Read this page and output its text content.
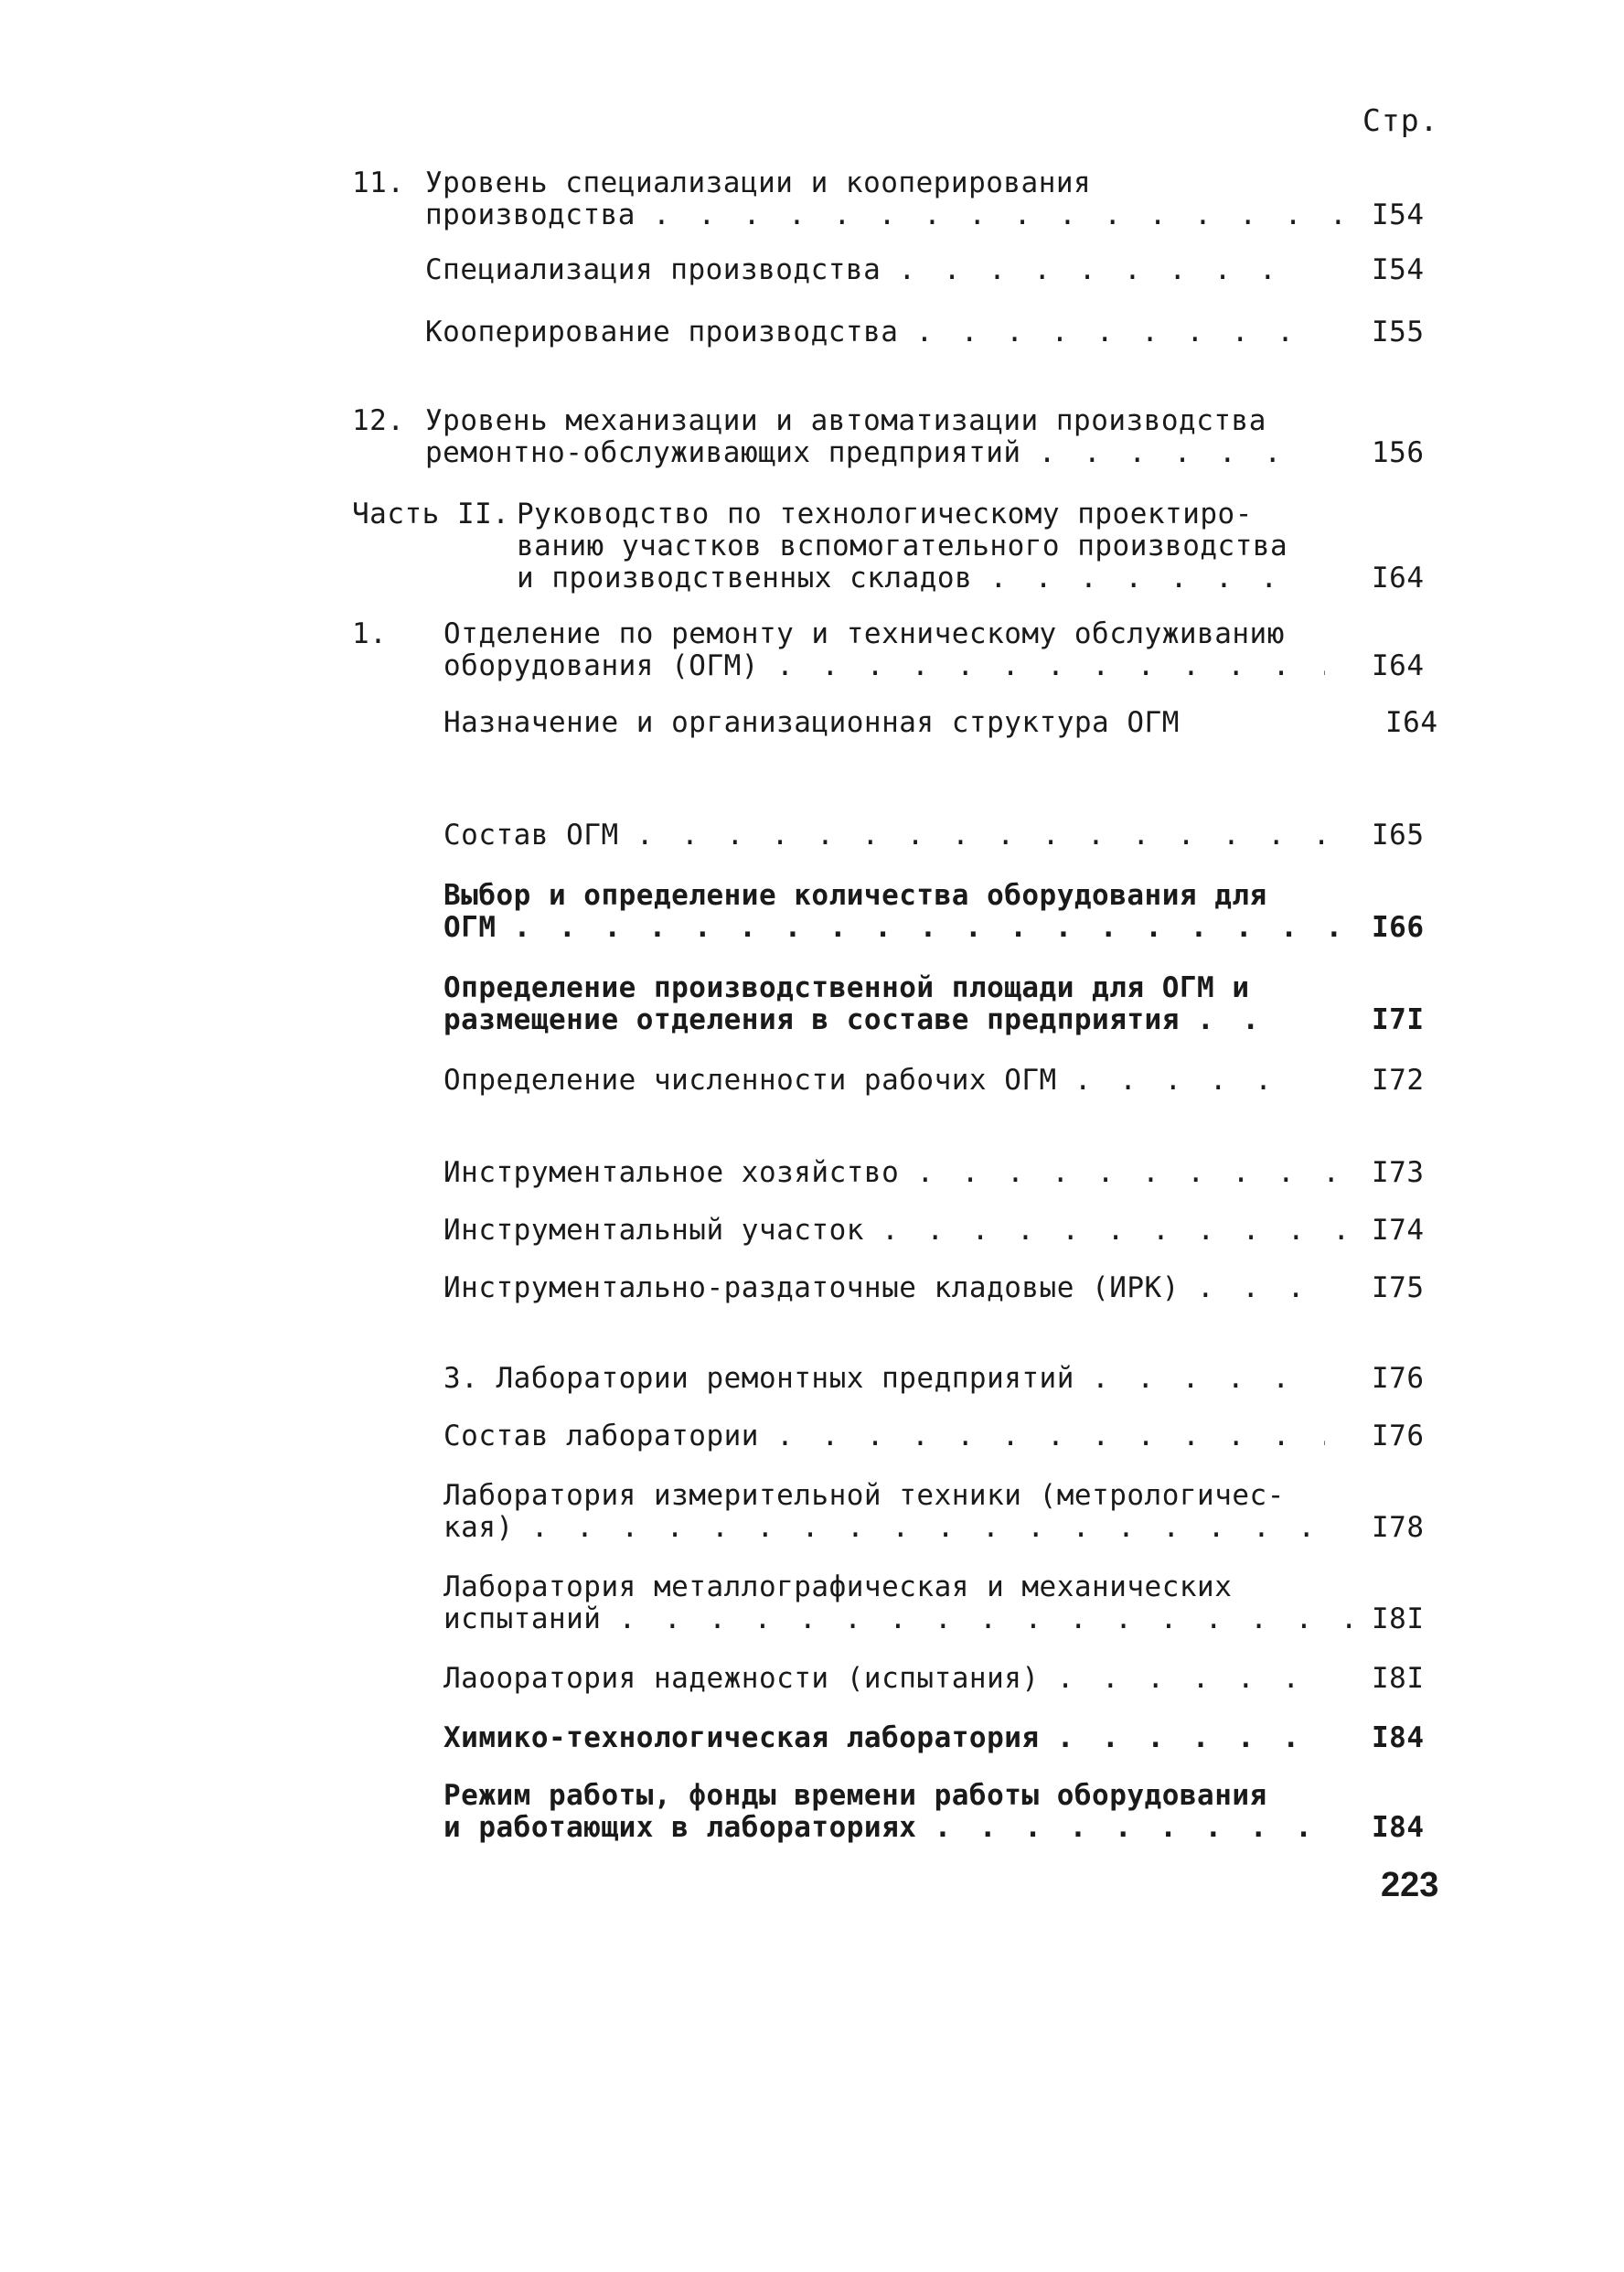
Стр.
11. Уровень специализации и кооперирования
производства . . .	I54
Специализация производства . . .	I54
Кооперирование производства . . .	I55
12. Уровень механизации и автоматизации производства
ремонтно-обслуживающих предприятий . . .	156
Часть II. Руководство по технологическому проектиро-
ванию участков вспомогательного производства
и производственных складов . . .	I64
1. Отделение по ремонту и техническому обслуживанию
оборудования (ОГМ) . . .	I64
Назначение и организационная структура ОГМ	I64
Состав ОГМ . . .	I65
Выбор и определение количества оборудования для
ОГМ . . .	I66
Определение производственной площади для ОГМ и
размещение отделения в составе предприятия . . .	I7I
Определение численности рабочих ОГМ . . .	I72
Инструментальное хозяйство . . .	I73
Инструментальный участок . . .	I74
Инструментально-раздаточные кладовые (ИРК) . . .	I75
3. Лаборатории ремонтных предприятий . . .	I76
Состав лаборатории . . .	I76
Лаборатория измерительной техники (метрологичес-
кая) . . .	I78
Лаборатория металлографическая и механических
испытаний . . .	I8I
Лаооратория надежности (испытания) . . .	I8I
Химико-технологическая лаборатория . . .	I84
Режим работы, фонды времени работы оборудования
и работающих в лабораториях . . .	I84
223
